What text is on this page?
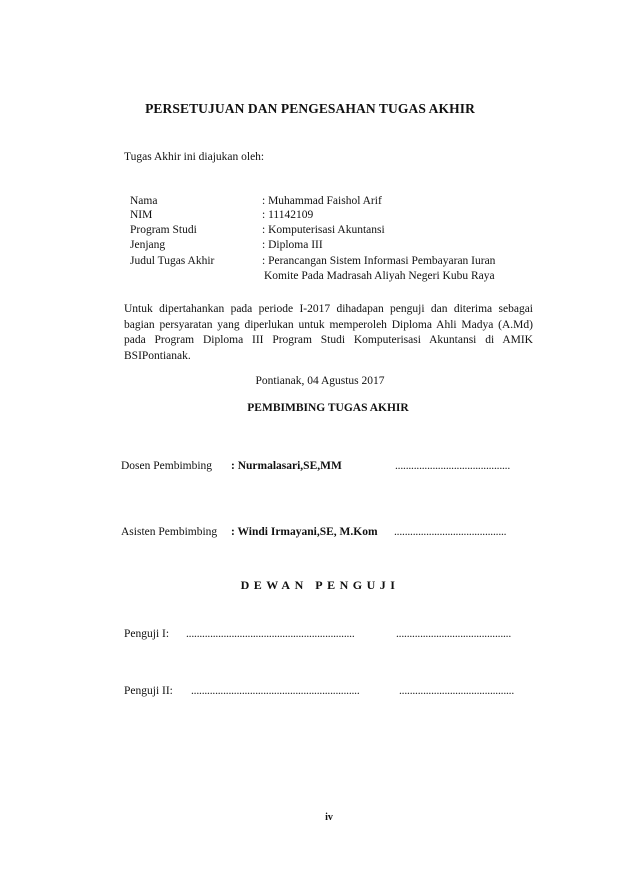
PERSETUJUAN DAN PENGESAHAN TUGAS AKHIR
Tugas Akhir ini diajukan oleh:
Nama	: Muhammad Faishol Arif
NIM	: 11142109
Program Studi	: Komputerisasi Akuntansi
Jenjang	: Diploma III
Judul Tugas Akhir	: Perancangan Sistem Informasi Pembayaran Iuran
Komite Pada Madrasah Aliyah Negeri Kubu Raya
Untuk dipertahankan pada periode I-2017 dihadapan penguji dan diterima sebagai bagian persyaratan yang diperlukan untuk memperoleh Diploma Ahli Madya (A.Md) pada Program Diploma III Program Studi Komputerisasi Akuntansi di AMIK BSIPontianak.
Pontianak, 04 Agustus 2017
PEMBIMBING TUGAS AKHIR
Dosen Pembimbing : Nurmalasari,SE,MM	...........................................
Asisten Pembimbing : Windi Irmayani,SE, M.Kom ..........................................
DEWAN PENGUJI
Penguji I: ...............................................................	...........................................
Penguji II: ...............................................................	...........................................
iv
